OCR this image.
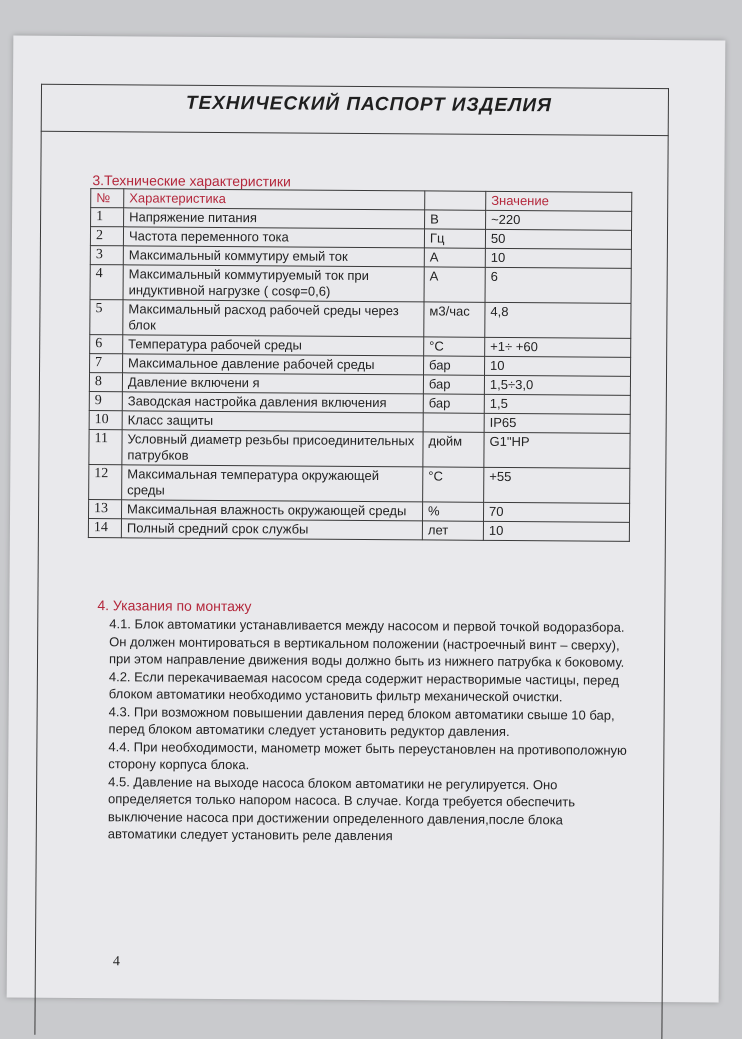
ТЕХНИЧЕСКИЙ ПАСПОРТ ИЗДЕЛИЯ
3.Технические характеристики
№	Характеристика		Значение
1	Напряжение питания	В	~220
2	Частота переменного тока	Гц	50
3	Максимальный коммутиру емый ток	А	10
4	Максимальный коммутируемый ток при индуктивной нагрузке ( cosφ=0,6)	А	6
5	Максимальный расход рабочей среды через блок	м3/час	4,8
6	Температура рабочей среды	°С	+1÷ +60
7	Максимальное давление рабочей среды	бар	10
8	Давление включени я	бар	1,5÷3,0
9	Заводская настройка давления включения	бар	1,5
10	Класс защиты		IP65
11	Условный диаметр резьбы присоединительных патрубков	дюйм	G1"HP
12	Максимальная температура окружающей среды	°С	+55
13	Максимальная влажность окружающей среды	%	70
14	Полный средний срок службы	лет	10
4. Указания по монтажу

4.1. Блок автоматики устанавливается между насосом и первой точкой водоразбора. Он должен монтироваться в вертикальном положении (настроечный винт – сверху), при этом направление движения воды должно быть из нижнего патрубка к боковому.

4.2. Если перекачиваемая насосом среда содержит нерастворимые частицы, перед блоком автоматики необходимо установить фильтр механической очистки.

4.3. При возможном повышении давления перед блоком автоматики свыше 10 бар, перед блоком автоматики следует установить редуктор давления.

4.4. При необходимости, манометр может быть переустановлен на противоположную сторону корпуса блока.

4.5. Давление на выходе насоса блоком автоматики не регулируется. Оно определяется только напором насоса. В случае. Когда требуется обеспечить выключение насоса при достижении определенного давления,после блока автоматики следует установить реле давления

4
